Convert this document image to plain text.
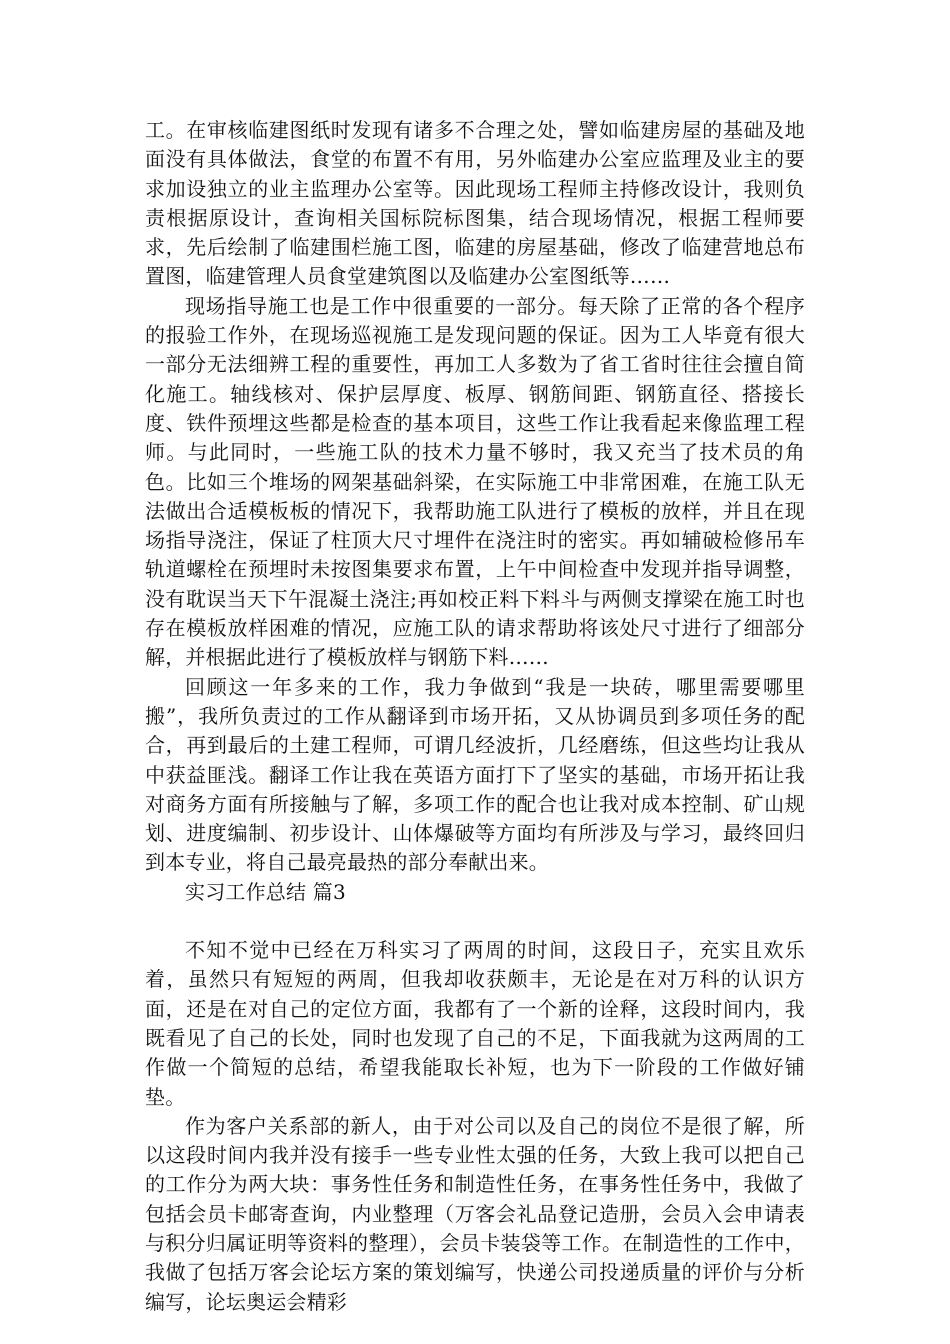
工。在审核临建图纸时发现有诸多不合理之处，譬如临建房屋的基础及地面没有具体做法，食堂的布置不有用，另外临建办公室应监理及业主的要求加设独立的业主监理办公室等。因此现场工程师主持修改设计，我则负责根据原设计，查询相关国标院标图集，结合现场情况，根据工程师要求，先后绘制了临建围栏施工图，临建的房屋基础，修改了临建营地总布置图，临建管理人员食堂建筑图以及临建办公室图纸等……

现场指导施工也是工作中很重要的一部分。每天除了正常的各个程序的报验工作外，在现场巡视施工是发现问题的保证。因为工人毕竟有很大一部分无法细辨工程的重要性，再加工人多数为了省工省时往往会擅自简化施工。轴线核对、保护层厚度、板厚、钢筋间距、钢筋直径、搭接长度、铁件预埋这些都是检查的基本项目，这些工作让我看起来像监理工程师。与此同时，一些施工队的技术力量不够时，我又充当了技术员的角色。比如三个堆场的网架基础斜梁，在实际施工中非常困难，在施工队无法做出合适模板板的情况下，我帮助施工队进行了模板的放样，并且在现场指导浇注，保证了柱顶大尺寸埋件在浇注时的密实。再如辅破检修吊车轨道螺栓在预埋时未按图集要求布置，上午中间检查中发现并指导调整，没有耽误当天下午混凝土浇注;再如校正料下料斗与两侧支撑梁在施工时也存在模板放样困难的情况，应施工队的请求帮助将该处尺寸进行了细部分解，并根据此进行了模板放样与钢筋下料……

回顾这一年多来的工作，我力争做到“我是一块砖，哪里需要哪里搬”，我所负责过的工作从翻译到市场开拓，又从协调员到多项任务的配合，再到最后的土建工程师，可谓几经波折，几经磨练，但这些均让我从中获益匪浅。翻译工作让我在英语方面打下了坚实的基础，市场开拓让我对商务方面有所接触与了解，多项工作的配合也让我对成本控制、矿山规划、进度编制、初步设计、山体爆破等方面均有所涉及与学习，最终回归到本专业，将自己最亮最热的部分奉献出来。

实习工作总结 篇3

不知不觉中已经在万科实习了两周的时间，这段日子，充实且欢乐着，虽然只有短短的两周，但我却收获颇丰，无论是在对万科的认识方面，还是在对自己的定位方面，我都有了一个新的诠释，这段时间内，我既看见了自己的长处，同时也发现了自己的不足，下面我就为这两周的工作做一个简短的总结，希望我能取长补短，也为下一阶段的工作做好铺垫。

作为客户关系部的新人，由于对公司以及自己的岗位不是很了解，所以这段时间内我并没有接手一些专业性太强的任务，大致上我可以把自己的工作分为两大块：事务性任务和制造性任务，在事务性任务中，我做了包括会员卡邮寄查询，内业整理（万客会礼品登记造册，会员入会申请表与积分归属证明等资料的整理），会员卡装袋等工作。在制造性的工作中，我做了包括万客会论坛方案的策划编写，快递公司投递质量的评价与分析编写，论坛奥运会精彩
